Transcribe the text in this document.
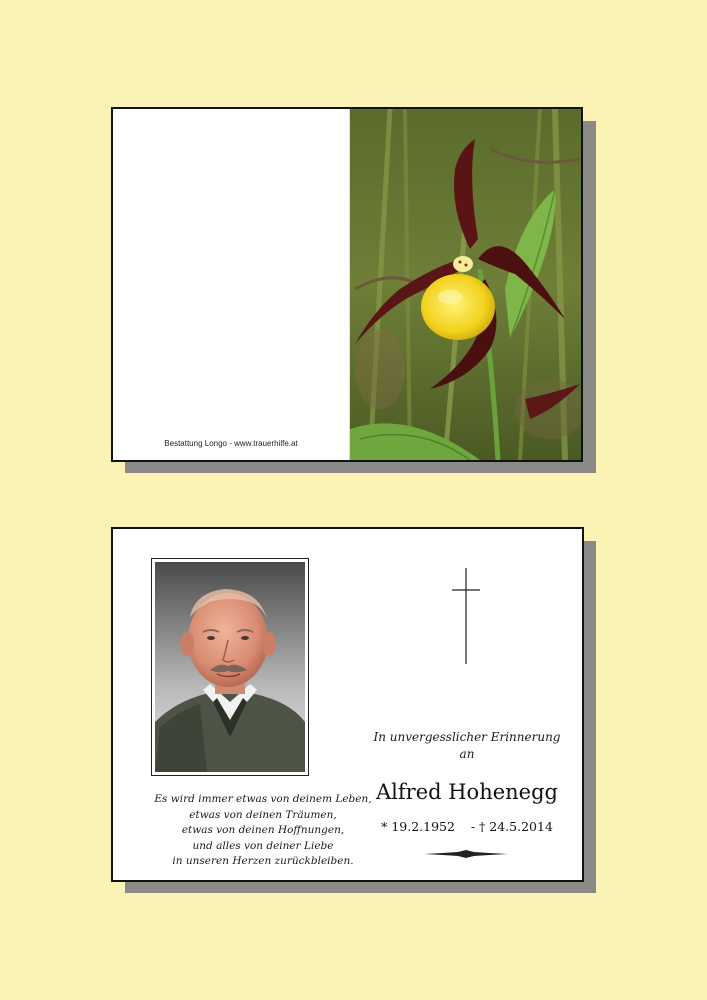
Bestattung Longo - www.trauerhilfe.at
Es wird immer etwas von deinem Leben,
etwas von deinen Träumen,
etwas von deinen Hoffnungen,
und alles von deiner Liebe
in unseren Herzen zurückbleiben.
In unvergesslicher Erinnerung
an
Alfred Hohenegg
* 19.2.1952 - † 24.5.2014
